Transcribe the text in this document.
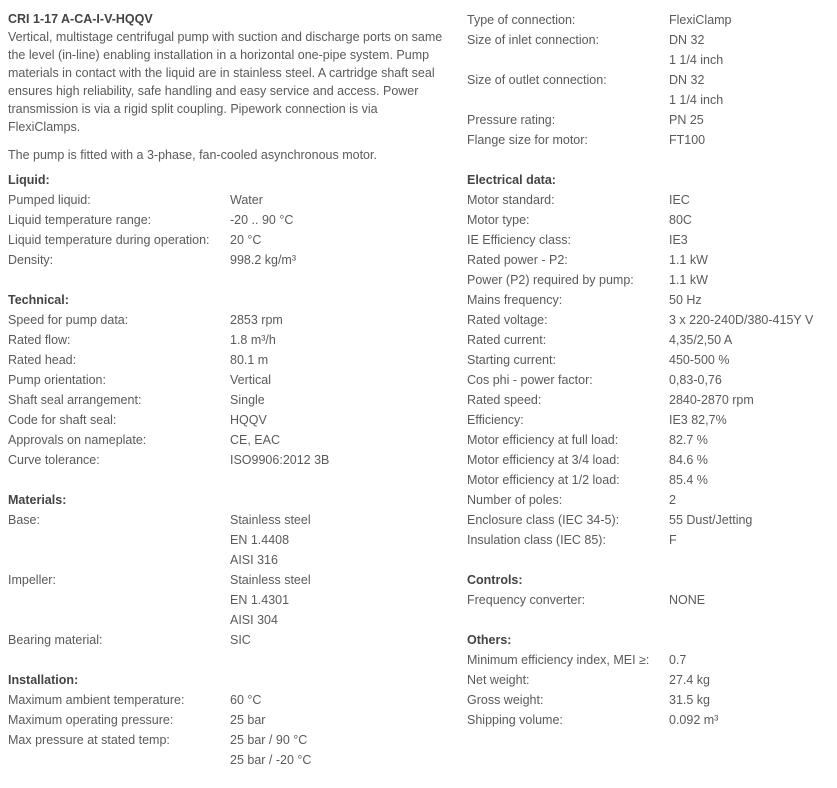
CRI 1-17 A-CA-I-V-HQQV

Vertical, multistage centrifugal pump with suction and discharge ports on same the level (in-line) enabling installation in a horizontal one-pipe system. Pump materials in contact with the liquid are in stainless steel. A cartridge shaft seal ensures high reliability, safe handling and easy service and access. Power transmission is via a rigid split coupling. Pipework connection is via FlexiClamps.

The pump is fitted with a 3-phase, fan-cooled asynchronous motor.

Liquid:
Pumped liquid:	Water
Liquid temperature range:	-20 .. 90 °C
Liquid temperature during operation:	20 °C
Density:	998.2 kg/m³
Technical:
Speed for pump data:	2853 rpm
Rated flow:	1.8 m³/h
Rated head:	80.1 m
Pump orientation:	Vertical
Shaft seal arrangement:	Single
Code for shaft seal:	HQQV
Approvals on nameplate:	CE, EAC
Curve tolerance:	ISO9906:2012 3B
Materials:
Base:	Stainless steel
EN 1.4408
AISI 316
Impeller:	Stainless steel
EN 1.4301
AISI 304
Bearing material:	SIC
Installation:
Maximum ambient temperature:	60 °C
Maximum operating pressure:	25 bar
Max pressure at stated temp:	25 bar / 90 °C
25 bar / -20 °C
Type of connection:	FlexiClamp
Size of inlet connection:	DN 32
1 1/4 inch
Size of outlet connection:	DN 32
1 1/4 inch
Pressure rating:	PN 25
Flange size for motor:	FT100
Electrical data:
Motor standard:	IEC
Motor type:	80C
IE Efficiency class:	IE3
Rated power - P2:	1.1 kW
Power (P2) required by pump:	1.1 kW
Mains frequency:	50 Hz
Rated voltage:	3 x 220-240D/380-415Y V
Rated current:	4,35/2,50 A
Starting current:	450-500 %
Cos phi - power factor:	0,83-0,76
Rated speed:	2840-2870 rpm
Efficiency:	IE3 82,7%
Motor efficiency at full load:	82.7 %
Motor efficiency at 3/4 load:	84.6 %
Motor efficiency at 1/2 load:	85.4 %
Number of poles:	2
Enclosure class (IEC 34-5):	55 Dust/Jetting
Insulation class (IEC 85):	F
Controls:
Frequency converter:	NONE
Others:
Minimum efficiency index, MEI ≥:	0.7
Net weight:	27.4 kg
Gross weight:	31.5 kg
Shipping volume:	0.092 m³
